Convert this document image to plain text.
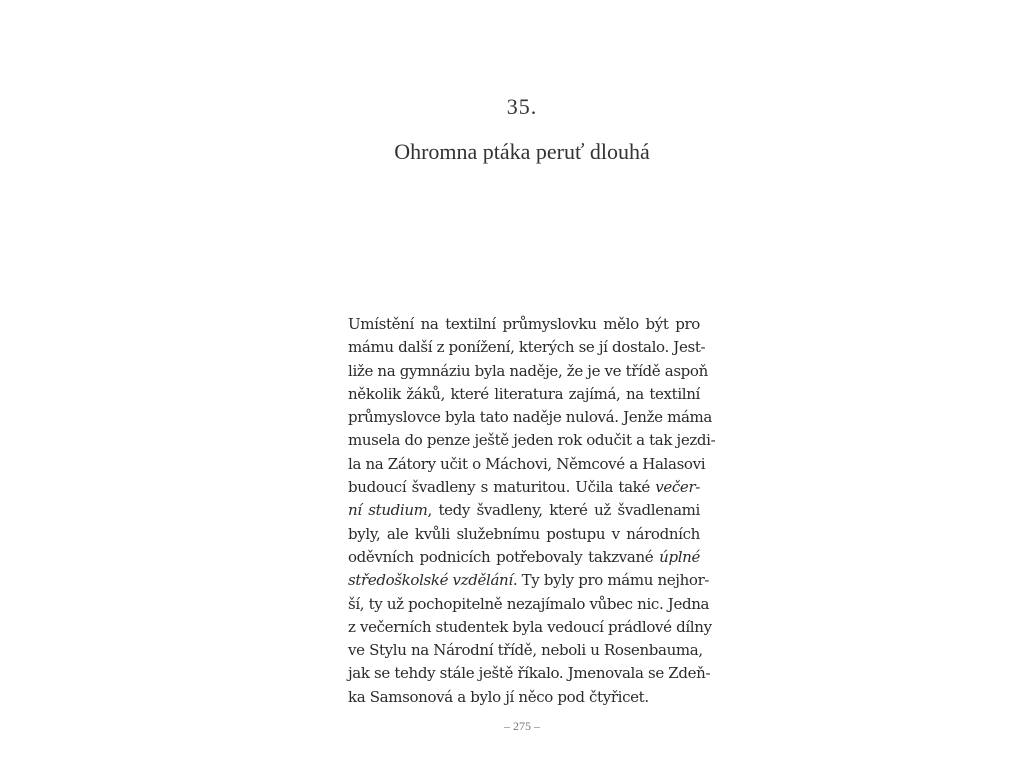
35.
Ohromna ptáka peruť dlouhá
Umístění na textilní průmyslovku mělo být pro
mámu další z ponížení, kterých se jí dostalo. Jest-
liže na gymnáziu byla naděje, že je ve třídě aspoň
několik žáků, které literatura zajímá, na textilní
průmyslovce byla tato naděje nulová. Jenže máma
musela do penze ještě jeden rok odučit a tak jezdi-
la na Zátory učit o Máchovi, Němcové a Halasovi
budoucí švadleny s maturitou. Učila také večer-
ní studium, tedy švadleny, které už švadlenami
byly, ale kvůli služebnímu postupu v národních
oděvních podnicích potřebovaly takzvané úplné
středoškolské vzdělání. Ty byly pro mámu nejhor-
ší, ty už pochopitelně nezajímalo vůbec nic. Jedna
z večerních studentek byla vedoucí prádlové dílny
ve Stylu na Národní třídě, neboli u Rosenbauma,
jak se tehdy stále ještě říkalo. Jmenovala se Zdeň-
ka Samsonová a bylo jí něco pod čtyřicet.
– 275 –
